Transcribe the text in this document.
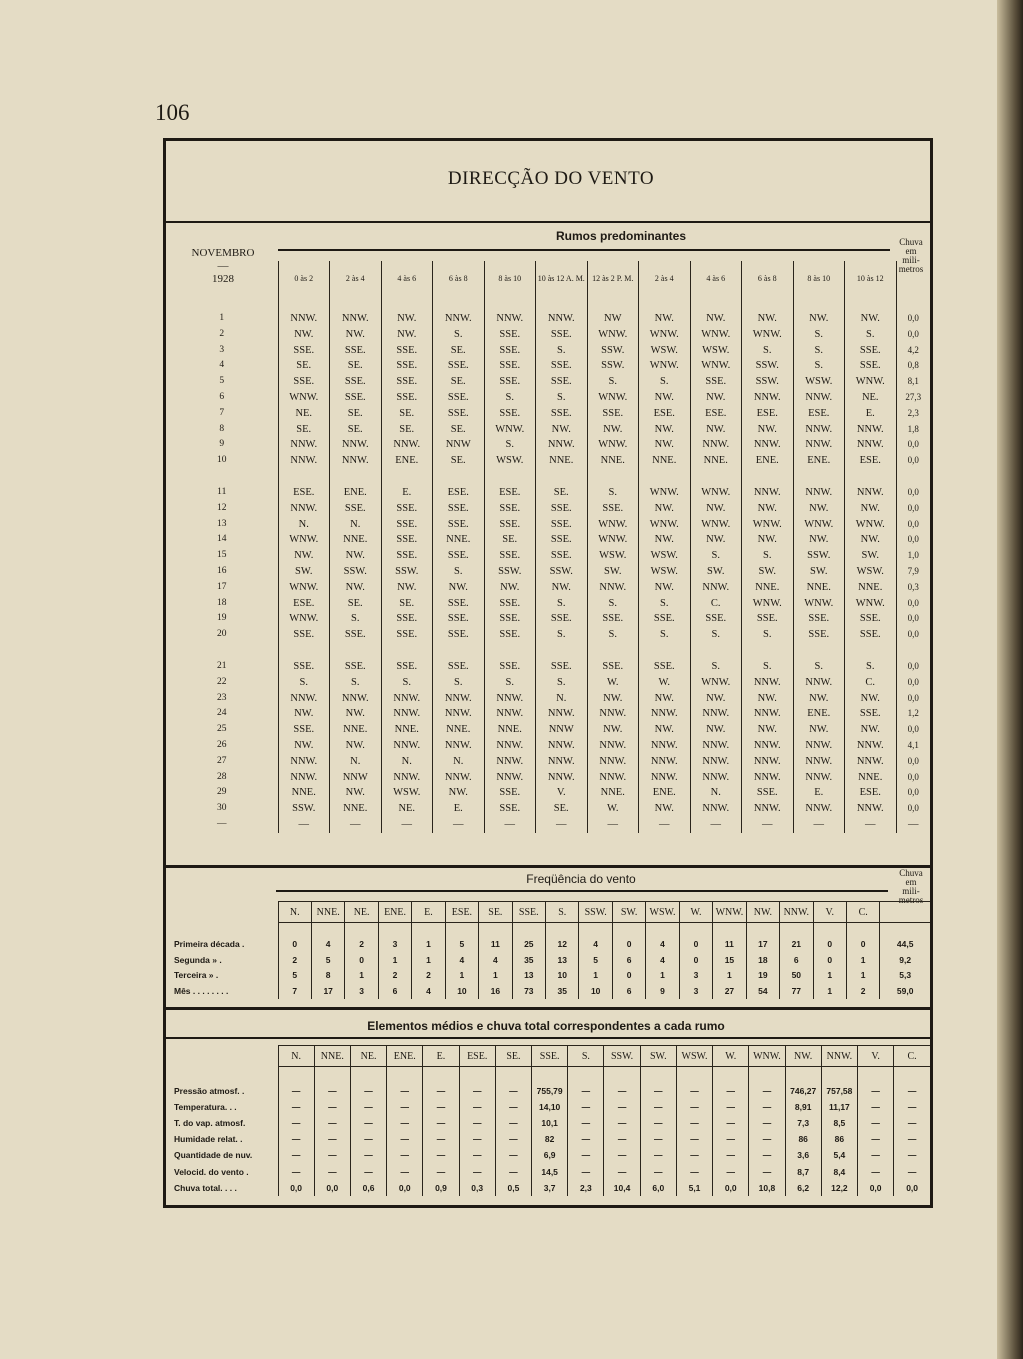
106
DIRECÇÃO DO VENTO
Rumos predominantes	Chuva
em
mili-
metros
NOVEMBRO
—
1928
		0 às 2	2 às 4	4 às 6	6 às 8	8 às 10	10 às 12 A. M.	12 às 2 P. M.	2 às 4	4 às 6	6 às 8	8 às 10	10 às 12	

1	NNW.	NNW.	NW.	NNW.	NNW.	NNW.	NW	NW.	NW.	NW.	NW.	NW.	0,0
2	NW.	NW.	NW.	S.	SSE.	SSE.	WNW.	WNW.	WNW.	WNW.	S.	S.	0,0
3	SSE.	SSE.	SSE.	SE.	SSE.	S.	SSW.	WSW.	WSW.	S.	S.	SSE.	4,2
4	SE.	SE.	SSE.	SSE.	SSE.	SSE.	SSW.	WNW.	WNW.	SSW.	S.	SSE.	0,8
5	SSE.	SSE.	SSE.	SE.	SSE.	SSE.	S.	S.	SSE.	SSW.	WSW.	WNW.	8,1
6	WNW.	SSE.	SSE.	SSE.	S.	S.	WNW.	NW.	NW.	NNW.	NNW.	NE.	27,3
7	NE.	SE.	SE.	SSE.	SSE.	SSE.	SSE.	ESE.	ESE.	ESE.	ESE.	E.	2,3
8	SE.	SE.	SE.	SE.	WNW.	NW.	NW.	NW.	NW.	NW.	NNW.	NNW.	1,8
9	NNW.	NNW.	NNW.	NNW	S.	NNW.	WNW.	NW.	NNW.	NNW.	NNW.	NNW.	0,0
10	NNW.	NNW.	ENE.	SE.	WSW.	NNE.	NNE.	NNE.	NNE.	ENE.	ENE.	ESE.	0,0

11	ESE.	ENE.	E.	ESE.	ESE.	SE.	S.	WNW.	WNW.	NNW.	NNW.	NNW.	0,0
12	NNW.	SSE.	SSE.	SSE.	SSE.	SSE.	SSE.	NW.	NW.	NW.	NW.	NW.	0,0
13	N.	N.	SSE.	SSE.	SSE.	SSE.	WNW.	WNW.	WNW.	WNW.	WNW.	WNW.	0,0
14	WNW.	NNE.	SSE.	NNE.	SE.	SSE.	WNW.	NW.	NW.	NW.	NW.	NW.	0,0
15	NW.	NW.	SSE.	SSE.	SSE.	SSE.	WSW.	WSW.	S.	S.	SSW.	SW.	1,0
16	SW.	SSW.	SSW.	S.	SSW.	SSW.	SW.	WSW.	SW.	SW.	SW.	WSW.	7,9
17	WNW.	NW.	NW.	NW.	NW.	NW.	NNW.	NW.	NNW.	NNE.	NNE.	NNE.	0,3
18	ESE.	SE.	SE.	SSE.	SSE.	S.	S.	S.	C.	WNW.	WNW.	WNW.	0,0
19	WNW.	S.	SSE.	SSE.	SSE.	SSE.	SSE.	SSE.	SSE.	SSE.	SSE.	SSE.	0,0
20	SSE.	SSE.	SSE.	SSE.	SSE.	S.	S.	S.	S.	S.	SSE.	SSE.	0,0

21	SSE.	SSE.	SSE.	SSE.	SSE.	SSE.	SSE.	SSE.	S.	S.	S.	S.	0,0
22	S.	S.	S.	S.	S.	S.	W.	W.	WNW.	NNW.	NNW.	C.	0,0
23	NNW.	NNW.	NNW.	NNW.	NNW.	N.	NW.	NW.	NW.	NW.	NW.	NW.	0,0
24	NW.	NW.	NNW.	NNW.	NNW.	NNW.	NNW.	NNW.	NNW.	NNW.	ENE.	SSE.	1,2
25	SSE.	NNE.	NNE.	NNE.	NNE.	NNW	NW.	NW.	NW.	NW.	NW.	NW.	0,0
26	NW.	NW.	NNW.	NNW.	NNW.	NNW.	NNW.	NNW.	NNW.	NNW.	NNW.	NNW.	4,1
27	NNW.	N.	N.	N.	NNW.	NNW.	NNW.	NNW.	NNW.	NNW.	NNW.	NNW.	0,0
28	NNW.	NNW	NNW.	NNW.	NNW.	NNW.	NNW.	NNW.	NNW.	NNW.	NNW.	NNE.	0,0
29	NNE.	NW.	WSW.	NW.	SSE.	V.	NNE.	ENE.	N.	SSE.	E.	ESE.	0,0
30	SSW.	NNE.	NE.	E.	SSE.	SE.	W.	NW.	NNW.	NNW.	NNW.	NNW.	0,0
—	—	—	—	—	—	—	—	—	—	—	—	—	—
Freqüência do vento	Chuva
em
mili-
metros
	N.	NNE.	NE.	ENE.	E.	ESE.	SE.	SSE.	S.	SSW.	SW.	WSW.	W.	WNW.	NW.	NNW.	V.	C.	

Primeira década .	0	4	2	3	1	5	11	25	12	4	0	4	0	11	17	21	0	0	44,5
Segunda » .	2	5	0	1	1	4	4	35	13	5	6	4	0	15	18	6	0	1	9,2
Terceira » .	5	8	1	2	2	1	1	13	10	1	0	1	3	1	19	50	1	1	5,3
Mês . . . . . . . .	7	17	3	6	4	10	16	73	35	10	6	9	3	27	54	77	1	2	59,0
Elementos médios e chuva total correspondentes a cada rumo
	N.	NNE.	NE.	ENE.	E.	ESE.	SE.	SSE.	S.	SSW.	SW.	WSW.	W.	WNW.	NW.	NNW.	V.	C.

Pressão atmosf. .	—	—	—	—	—	—	—	755,79	—	—	—	—	—	—	746,27	757,58	—	—
Temperatura. . .	—	—	—	—	—	—	—	14,10	—	—	—	—	—	—	8,91	11,17	—	—
T. do vap. atmosf.	—	—	—	—	—	—	—	10,1	—	—	—	—	—	—	7,3	8,5	—	—
Humidade relat. .	—	—	—	—	—	—	—	82	—	—	—	—	—	—	86	86	—	—
Quantidade de nuv.	—	—	—	—	—	—	—	6,9	—	—	—	—	—	—	3,6	5,4	—	—
Velocid. do vento .	—	—	—	—	—	—	—	14,5	—	—	—	—	—	—	8,7	8,4	—	—
Chuva total. . . .	0,0	0,0	0,6	0,0	0,9	0,3	0,5	3,7	2,3	10,4	6,0	5,1	0,0	10,8	6,2	12,2	0,0	0,0
